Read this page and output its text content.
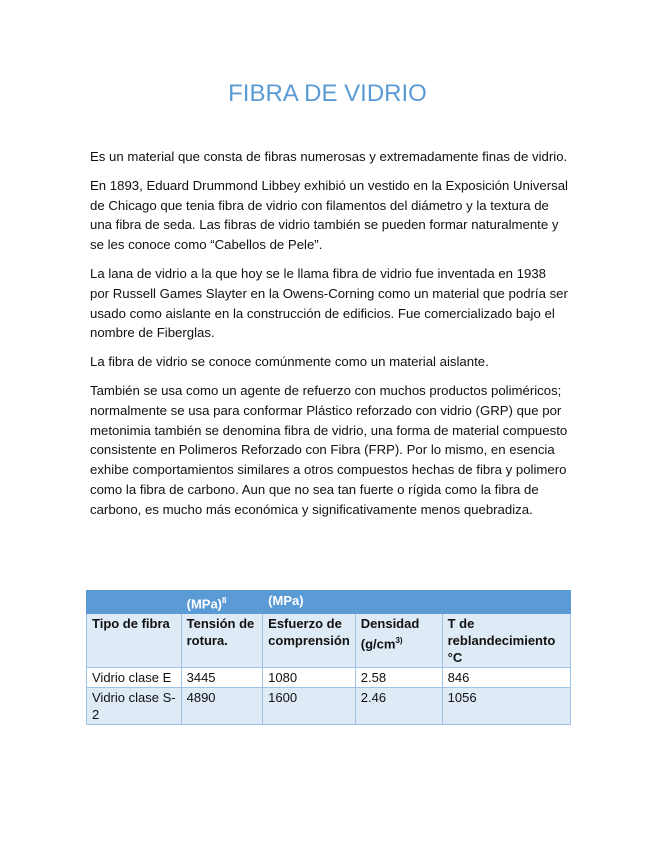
FIBRA DE VIDRIO

Es un material que consta de fibras numerosas y extremadamente finas de vidrio.

En 1893, Eduard Drummond Libbey exhibió un vestido en la Exposición Universal de Chicago que tenia fibra de vidrio con filamentos del diámetro y la textura de una fibra de seda. Las fibras de vidrio también se pueden formar naturalmente y se les conoce como “Cabellos de Pele”.

La lana de vidrio a la que hoy se le llama fibra de vidrio fue inventada en 1938 por Russell Games Slayter en la Owens-Corning como un material que podría ser usado como aislante en la construcción de edificios. Fue comercializado bajo el nombre de Fiberglas.

La fibra de vidrio se conoce comúnmente como un material aislante.

También se usa como un agente de refuerzo con muchos productos poliméricos; normalmente se usa para conformar Plástico reforzado con vidrio (GRP) que por metonimia también se denomina fibra de vidrio, una forma de material compuesto consistente en Polimeros Reforzado con Fibra (FRP). Por lo mismo, en esencia exhibe comportamientos similares a otros compuestos hechas de fibra y polimero como la fibra de carbono. Aun que no sea tan fuerte o rígida como la fibra de carbono, es mucho más económica y significativamente menos quebradiza.

	(MPa)$^8$	(MPa)		
Tipo de fibra	Tensión de rotura.	Esfuerzo de comprensión	Densidad ($g/cm^{3)}$	T de reblandecimiento °C
Vidrio clase E	3445	1080	2.58	846
Vidrio clase S-2	4890	1600	2.46	1056
